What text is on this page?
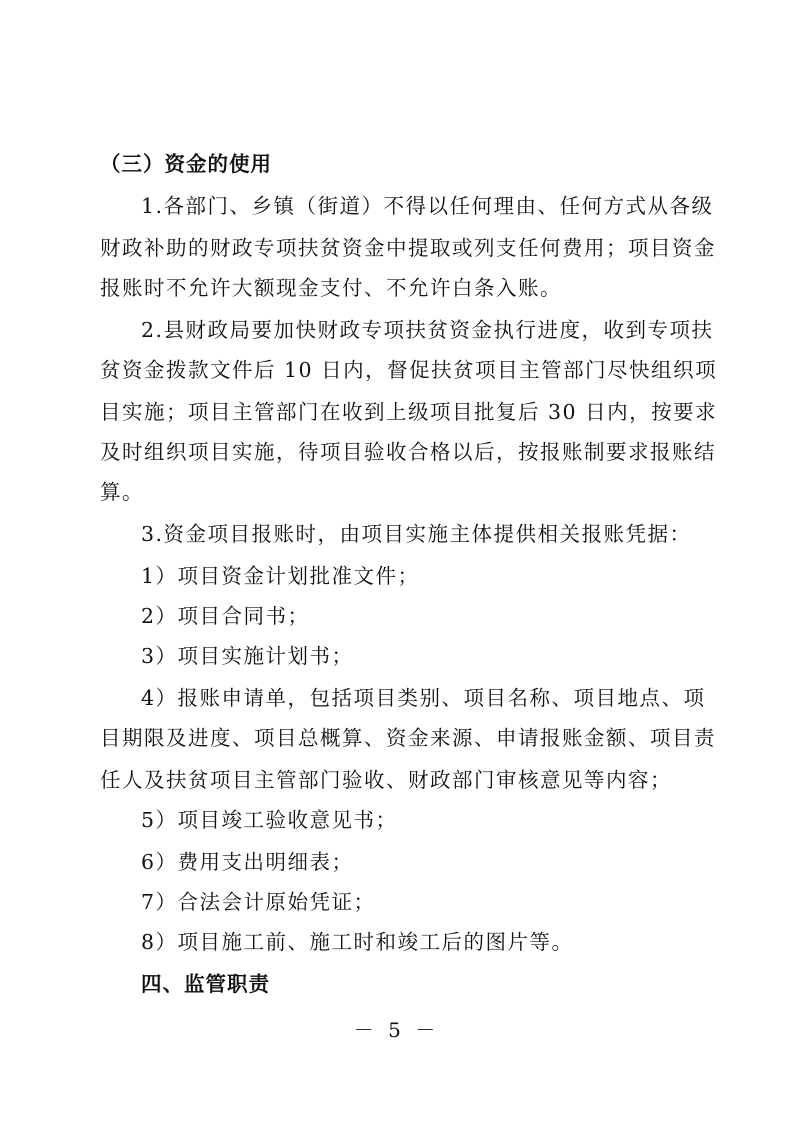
（三）资金的使用
1.各部门、乡镇（街道）不得以任何理由、任何方式从各级
财政补助的财政专项扶贫资金中提取或列支任何费用；项目资金
报账时不允许大额现金支付、不允许白条入账。
2.县财政局要加快财政专项扶贫资金执行进度，收到专项扶
贫资金拨款文件后 10 日内，督促扶贫项目主管部门尽快组织项
目实施；项目主管部门在收到上级项目批复后 30 日内，按要求
及时组织项目实施，待项目验收合格以后，按报账制要求报账结
算。
3.资金项目报账时，由项目实施主体提供相关报账凭据：
1）项目资金计划批准文件；
2）项目合同书；
3）项目实施计划书；
4）报账申请单，包括项目类别、项目名称、项目地点、项
目期限及进度、项目总概算、资金来源、申请报账金额、项目责
任人及扶贫项目主管部门验收、财政部门审核意见等内容；
5）项目竣工验收意见书；
6）费用支出明细表；
7）合法会计原始凭证；
8）项目施工前、施工时和竣工后的图片等。
四、监管职责
－ 5 －
